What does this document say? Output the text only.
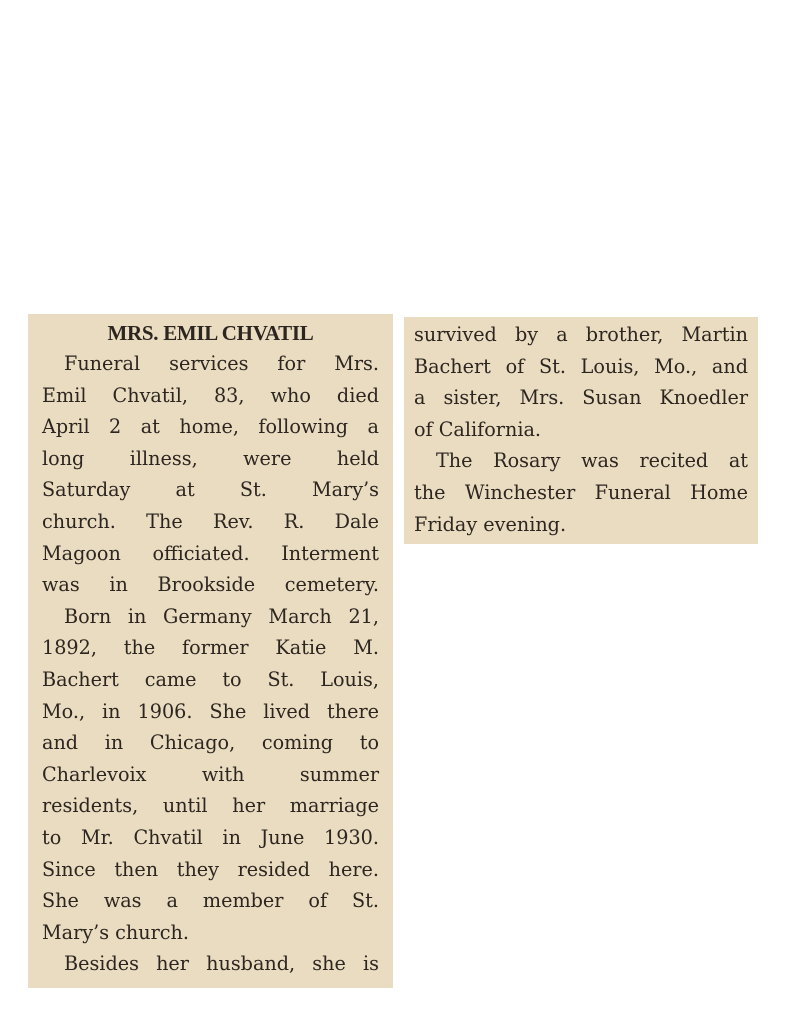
MRS. EMIL CHVATIL

Funeral services for Mrs.
Emil Chvatil, 83, who died
April 2 at home, following a
long illness, were held
Saturday at St. Mary’s
church. The Rev. R. Dale
Magoon officiated. Interment
was in Brookside cemetery.

Born in Germany March 21,
1892, the former Katie M.
Bachert came to St. Louis,
Mo., in 1906. She lived there
and in Chicago, coming to
Charlevoix with summer
residents, until her marriage
to Mr. Chvatil in June 1930.
Since then they resided here.
She was a member of St.
Mary’s church.

Besides her husband, she is

survived by a brother, Martin
Bachert of St. Louis, Mo., and
a sister, Mrs. Susan Knoedler
of California.

The Rosary was recited at
the Winchester Funeral Home
Friday evening.
